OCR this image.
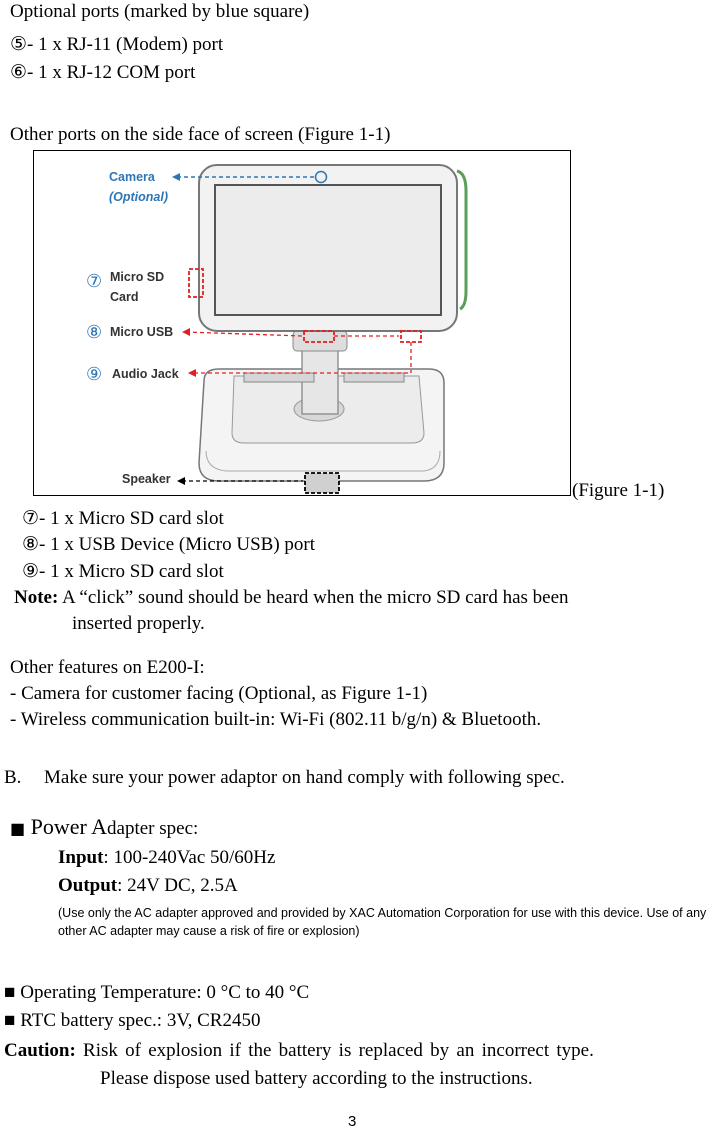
Optional ports (marked by blue square)
⑤- 1 x RJ-11 (Modem) port
⑥- 1 x RJ-12 COM port
Other ports on the side face of screen (Figure 1-1)
Camera
(Optional)
⑦ Micro SD
Card
⑧ Micro USB
⑨ Audio Jack
Speaker
(Figure 1-1)
⑦- 1 x Micro SD card slot
⑧- 1 x USB Device (Micro USB) port
⑨- 1 x Micro SD card slot
Note: A “click” sound should be heard when the micro SD card has been
inserted properly.
Other features on E200-I:
- Camera for customer facing (Optional, as Figure 1-1)
- Wireless communication built-in: Wi-Fi (802.11 b/g/n) & Bluetooth.
B. Make sure your power adaptor on hand comply with following spec.
■ Power Adapter spec:
Input: 100-240Vac 50/60Hz
Output: 24V DC, 2.5A
(Use only the AC adapter approved and provided by XAC Automation Corporation for use with this device. Use of any other AC adapter may cause a risk of fire or explosion)
■ Operating Temperature: 0 °C to 40 °C
■ RTC battery spec.: 3V, CR2450
Caution: Risk of explosion if the battery is replaced by an incorrect type.
Please dispose used battery according to the instructions.
3
